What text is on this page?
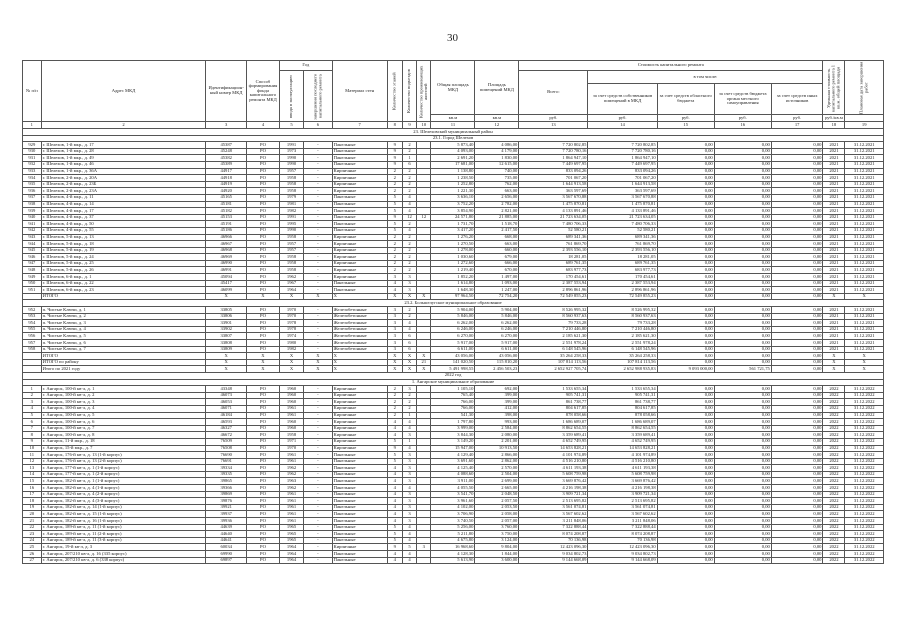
30
№ п/п	Адрес МКД	Идентификацион-ный номер МКД	Способ формирования фонда капитального ремонта МКД	Год		Материал стен	Количество этажей	Количество подъездов	Количество проживающих жителей	Общая площадь МКД	Площадь помещений МКД	Стоимость капитального ремонта					Удельная стоимость капитального ремонта 1 кв.м. общей площади	Плановая дата завершения работ
				ввода в эксплуатацию	завершения последнего капитального ремонта							Всего:	в том числе:					
													за счет средств собственников помещений в МКД	за счет средств областного бюджета	за счет средств бюджета органа местного самоуправления	за счет средств иных источников		
										кв.м	кв.м	руб.	руб.	руб.	руб.	руб.	руб./кв.м	
1	2	3	4	5	6	7	8	9	10	11	12	13	14	15	16	17	18	19
23. Шелеховский муниципальный район																		
23.1. Город Шелехов																		
929	г. Шелехов, 1-й мкр., д. 17	45387	РО	1991	-	Панельные	9	2		5 873,40	4 086,00	7 720 802,85	7 720 802,85	0,00	0,00	0,00	2021	31.12.2021
930	г. Шелехов, 1-й мкр., д. 28	45248	РО	1973	-	Панельные	9	2		4 093,00	4 179,00	7 720 780,16	7 720 780,16	0,00	0,00	0,00	2021	31.12.2021
931	г. Шелехов, 1-й мкр., д. 49	45382	РО	1990	-	Панельные	9	1		2 691,20	1 830,00	1 864 947,10	1 864 947,10	0,00	0,00	0,00	2021	31.12.2021
932	г. Шелехов, 1-й мкр., д. 46	45389	РО	1990	-	Панельные	9	6		17 681,00	12 615,00	7 449 697,95	7 449 697,95	0,00	0,00	0,00	2021	31.12.2021
933	г. Шелехов, 1-й мкр., д. 36А	44917	РО	1957	-	Кирпичные	2	2		1 138,80	740,00	833 094,26	833 094,26	0,00	0,00	0,00	2021	31.12.2021
934	г. Шелехов, 2-й мкр., д. 20А	44918	РО	1958	-	Кирпичные	2	2		1 238,50	735,00	701 067,20	701 067,20	0,00	0,00	0,00	2021	31.12.2021
935	г. Шелехов, 2-й мкр., д. 23Б	44919	РО	1958	-	Кирпичные	2	2		1 252,80	762,00	1 644 913,58	1 644 913,58	0,00	0,00	0,00	2021	31.12.2021
936	г. Шелехов, 2-й мкр., д. 23А	44920	РО	1958	-	Кирпичные	2	2		1 221,30	663,00	363 597,69	363 597,69	0,00	0,00	0,00	2021	31.12.2021
937	г. Шелехов, 4-й мкр., д. 11	45165	РО	1979	-	Панельные	5	4		3 636,10	2 656,00	3 567 670,88	3 567 670,88	0,00	0,00	0,00	2021	31.12.2021
938	г. Шелехов, 4-й мкр., д. 14	45181	РО	1981	-	Панельные	5	4		3 752,20	2 782,00	1 475 870,81	1 475 870,81	0,00	0,00	0,00	2021	31.12.2021
939	г. Шелехов, 4-й мкр., д. 17	45182	РО	1982	-	Панельные	5	4		3 854,90	2 821,00	4 133 891,46	4 133 891,46	0,00	0,00	0,00	2021	31.12.2021
940	г. Шелехов, 4-й мкр., д. 37	45153	РО	1991	-	Панельные	9	12	12	24 571,80	21 885,00	21 723 634,05	21 723 634,05	0,00	0,00	0,00	2021	31.12.2021
941	г. Шелехов, 4-й мкр., д. 50	45191	РО	1995	-	Панельные	5	2		1 731,70	1 518,70	7 480 706,33	7 480 706,33	0,00	0,00	0,00	2021	31.12.2021
942	г. Шелехов, 4-й мкр., д. 55	45186	РО	1990	-	Панельные	5	4		3 417,20	2 417,50	52 580,21	52 580,21	0,00	0,00	0,00	2021	31.12.2021
943	г. Шелехов, 5-й мкр., д. 13	46966	РО	1958	-	Кирпичные	2	2		1 276,20	668,00	689 341,36	689 341,36	0,00	0,00	0,00	2021	31.12.2021
944	г. Шелехов, 5-й мкр., д. 18	46967	РО	1957	-	Кирпичные	2	2		1 270,50	663,00	761 869,70	761 869,70	0,00	0,00	0,00	2021	31.12.2021
945	г. Шелехов, 5-й мкр., д. 19	46968	РО	1957	-	Кирпичные	2	2		1 278,00	660,00	2 393 556,10	2 393 556,10	0,00	0,00	0,00	2021	31.12.2021
946	г. Шелехов, 5-й мкр., д. 24	46969	РО	1958	-	Кирпичные	2	2		1 030,60	679,00	18 281,05	18 281,05	0,00	0,00	0,00	2021	31.12.2021
947	г. Шелехов, 5-й мкр., д. 25	46990	РО	1958	-	Кирпичные	2	2		1 272,60	666,00	689 761,35	689 761,35	0,00	0,00	0,00	2021	31.12.2021
948	г. Шелехов, 5-й мкр., д. 26	46991	РО	1958	-	Кирпичные	2	2		1 219,40	670,00	683 977,73	683 977,73	0,00	0,00	0,00	2021	31.12.2021
949	г. Шелехов, 6-й мкр., д. 1	45094	РО	1962	-	Кирпичные	3	3		1 852,20	1 497,00	170 454,61	170 454,61	0,00	0,00	0,00	2021	31.12.2021
950	г. Шелехов, 6-й мкр., д. 22	45417	РО	1967	-	Панельные	4	3		1 614,80	1 093,00	2 387 553,94	2 387 553,94	0,00	0,00	0,00	2021	31.12.2021
951	г. Шелехов, 6-й мкр., д. 23	46099	РО	1964	-	Панельные	4	3		1 648,30	1 247,00	2 896 861,96	2 896 861,96	0,00	0,00	0,00	2021	31.12.2021
	ИТОГО	X	X	X	X	X	X	X	X	97 964,50	72 754,20	72 549 855,23	72 549 855,23	0,00	0,00	0,00	X	X
23.2. Большелугское муниципальное образование																		
952	п. Чистые Ключи, д. 1	33805	РО	1970	-	Железобетонные	3	2		5 904,00	5 904,00	8 526 995,32	8 526 995,32	0,00	0,00	0,00	2021	31.12.2021
953	п. Чистые Ключи, д. 2	33806	РО	1970	-	Железобетонные	3	2		5 846,00	5 846,00	8 560 937,63	8 560 937,63	0,00	0,00	0,00	2021	31.12.2021
954	п. Чистые Ключи, д. 3	33901	РО	1978	-	Железобетонные	3	4		6 262,00	6 262,00	79 733,28	79 733,28	0,00	0,00	0,00	2021	31.12.2021
955	п. Чистые Ключи, д. 4	33902	РО	1978	-	Железобетонные	3	4		6 246,00	6 246,00	7 210 446,80	7 210 446,80	0,00	0,00	0,00	2021	31.12.2021
956	п. Чистые Ключи, д. 5	33807	РО	1974	-	Железобетонные	3	6		6 270,00	6 270,00	2 185 621,30	2 185 621,30	0,00	0,00	0,00	2021	31.12.2021
957	п. Чистые Ключи, д. 6	33808	РО	1980	-	Железобетонные	3	6		5 917,00	5 917,00	2 551 978,24	2 551 978,24	0,00	0,00	0,00	2021	31.12.2021
958	п. Чистые Ключи, д. 7	33809	РО	1982	-	Железобетонные	3	6		6 611,00	6 611,00	6 148 545,96	6 148 545,96	0,00	0,00	0,00	2021	31.12.2021
	ИТОГО	X	X	X	X	X	X	X	X	43 056,00	43 056,00	35 264 258,33	35 264 258,33	0,00	0,00	0,00	X	X
	ИТОГО по району	X	X	X	X	X	X	X	21	141 020,50	115 810,20	107 814 113,56	107 814 113,56	0,00	0,00	0,00	X	X
	Итого по 2021 году	X	X	X	X	X	X	X	X	5 491 998,55	2 456 503,23	2 652 927 705,74	2 652 988 935,83	9 093 000,00	561 721,75	0,00	X	X
2022 год																		
1. Ангарское муниципальное образование																		
1	г. Ангарск, 100-й кв-л, д. 1	43348	РО	1960	-	Кирпичные	2	3		1 105,10	692,00	1 533 655,34	1 533 655,34	0,00	0,00	0,00	2022	31.12.2022
2	г. Ангарск, 100-й кв-л, д. 2	46073	РО	1960	-	Кирпичные	2	2		765,40	399,00	905 741,31	905 741,31	0,00	0,00	0,00	2022	31.12.2022
3	г. Ангарск, 100-й кв-л, д. 3	46053	РО	1960	-	Кирпичные	2	2		766,00	399,00	861 738,77	861 738,77	0,00	0,00	0,00	2022	31.12.2022
4	г. Ангарск, 100-й кв-л, д. 4	46071	РО	1961	-	Кирпичные	2	2		766,00	412,00	804 617,85	804 617,85	0,00	0,00	0,00	2022	31.12.2022
5	г. Ангарск, 100-й кв-л, д. 5	46184	РО	1961	-	Кирпичные	2	1		541,30	398,00	878 058,66	878 058,66	0,00	0,00	0,00	2022	31.12.2022
6	г. Ангарск, 100-й кв-л, д. 6	46593	РО	1960	-	Кирпичные	4	4		1 797,80	993,00	1 686 689,07	1 686 689,07	0,00	0,00	0,00	2022	31.12.2022
7	г. Ангарск, 100-й кв-л, д. 7	46327	РО	1960	-	Кирпичные	4	4		3 999,00	2 584,00	8 862 654,55	8 862 654,55	0,00	0,00	0,00	2022	31.12.2022
8	г. Ангарск, 100-й кв-л, д. 8	46672	РО	1958	-	Кирпичные	4	3		3 844,30	2 080,00	3 359 689,41	3 359 689,41	0,00	0,00	0,00	2022	31.12.2022
9	г. Ангарск, 11-й мкр., д. 18	76509	РО	1971	-	Кирпичные	5	1		3 149,20	2 201,00	4 652 749,95	4 652 749,95	0,00	0,00	0,00	2022	31.12.2022
10	г. Ангарск, 15-й мкр., д. 7	76508	РО	1970	-	Кирпичные	9	4		15 947,00	10 913,50	14 653 828,21	14 653 828,21	0,00	0,00	0,00	2022	31.12.2022
11	г. Ангарск, 176-й кв-л, д. 13 (1-й корпус)	76690	РО	1961	-	Панельные	5	3		4 129,40	2 866,00	4 101 974,89	4 101 974,89	0,00	0,00	0,00	2022	31.12.2022
12	г. Ангарск, 176-й кв-л, д. 13 (2-й корпус)	76691	РО	1961	-	Панельные	5	3		3 691,60	2 862,00	4 516 210,80	4 516 210,80	0,00	0,00	0,00	2022	31.12.2022
13	г. Ангарск, 177-й кв-л, д. 1 (1-й корпус)	39334	РО	1962	-	Панельные	4	3		4 125,40	2 570,00	4 611 193,38	4 611 193,38	0,00	0,00	0,00	2022	31.12.2022
14	г. Ангарск, 177-й кв-л, д. 1 (2-й корпус)	39335	РО	1962	-	Панельные	4	3		4 088,60	2 504,00	5 608 759,98	5 608 759,98	0,00	0,00	0,00	2022	31.12.2022
15	г. Ангарск, 182-й кв-л, д. 1 (1-й корпус)	39865	РО	1963	-	Панельные	4	3		3 911,00	2 699,00	3 669 876,42	3 669 876,42	0,00	0,00	0,00	2022	31.12.2022
16	г. Ангарск, 182-й кв-л, д. 4 (1-й корпус)	39366	РО	1962	-	Панельные	4	4		4 055,50	2 665,00	4 216 198,38	4 216 198,38	0,00	0,00	0,00	2022	31.12.2022
17	г. Ангарск, 182-й кв-л, д. 4 (2-й корпус)	39869	РО	1961	-	Панельные	4	3		3 541,70	2 048,50	3 909 721,34	3 909 721,34	0,00	0,00	0,00	2022	31.12.2022
18	г. Ангарск, 182-й кв-л, д. 4 (3-й корпус)	39876	РО	1961	-	Панельные	4	3		3 961,60	2 057,50	2 513 695,82	2 513 695,82	0,00	0,00	0,00	2022	31.12.2022
19	г. Ангарск, 182-й кв-л, д. 14 (1-й корпус)	39921	РО	1961	-	Панельные	4	3		4 102,00	2 053,50	3 561 074,81	3 561 074,81	0,00	0,00	0,00	2022	31.12.2022
20	г. Ангарск, 182-й кв-л, д. 15 (1-й корпус)	39937	РО	1961	-	Панельные	4	3		3 706,90	2 058,00	3 567 602,62	3 567 602,62	0,00	0,00	0,00	2022	31.12.2022
21	г. Ангарск, 182-й кв-л, д. 16 (1-й корпус)	39936	РО	1961	-	Панельные	4	3		3 740,50	2 057,00	3 211 848,06	3 211 848,06	0,00	0,00	0,00	2022	31.12.2022
22	г. Ангарск, 189-й кв-л, д. 11 (1-й корпус)	44639	РО	1965	-	Панельные	5	4		5 256,00	3 760,00	7 322 888,44	7 322 888,44	0,00	0,00	0,00	2022	31.12.2022
23	г. Ангарск, 189-й кв-л, д. 11 (2-й корпус)	44640	РО	1965	-	Панельные	5	4		5 211,80	3 750,00	8 074 208,87	8 074 208,87	0,00	0,00	0,00	2022	31.12.2022
24	г. Ангарск, 189-й кв-л, д. 11 (3-й корпус)	44641	РО	1965	-	Панельные	5	4		4 675,80	3 124,00	70 136,98	70 136,98	0,00	0,00	0,00	2022	31.12.2022
25	г. Ангарск, 19-й кв-л, д. 3	60034	РО	1964	-	Кирпичные	9	5	3	16 968,60	9 804,00	12 423 096,30	12 423 096,30	0,00	0,00	0,00	2022	31.12.2022
26	г. Ангарск, 207/210 кв-л, д. 16 (335 корпус)	69990	РО	1964	-	Панельные	4	4		4 128,30	1 844,00	9 034 802,73	9 034 802,73	0,00	0,00	0,00	2022	31.12.2022
27	г. Ангарск, 207/210 кв-л, д. 6 (338 корпус)	69897	РО	1964	-	Панельные	4	4		5 613,90	3 600,00	9 144 668,09	9 144 668,09	0,00	0,00	0,00	2022	31.12.2022
